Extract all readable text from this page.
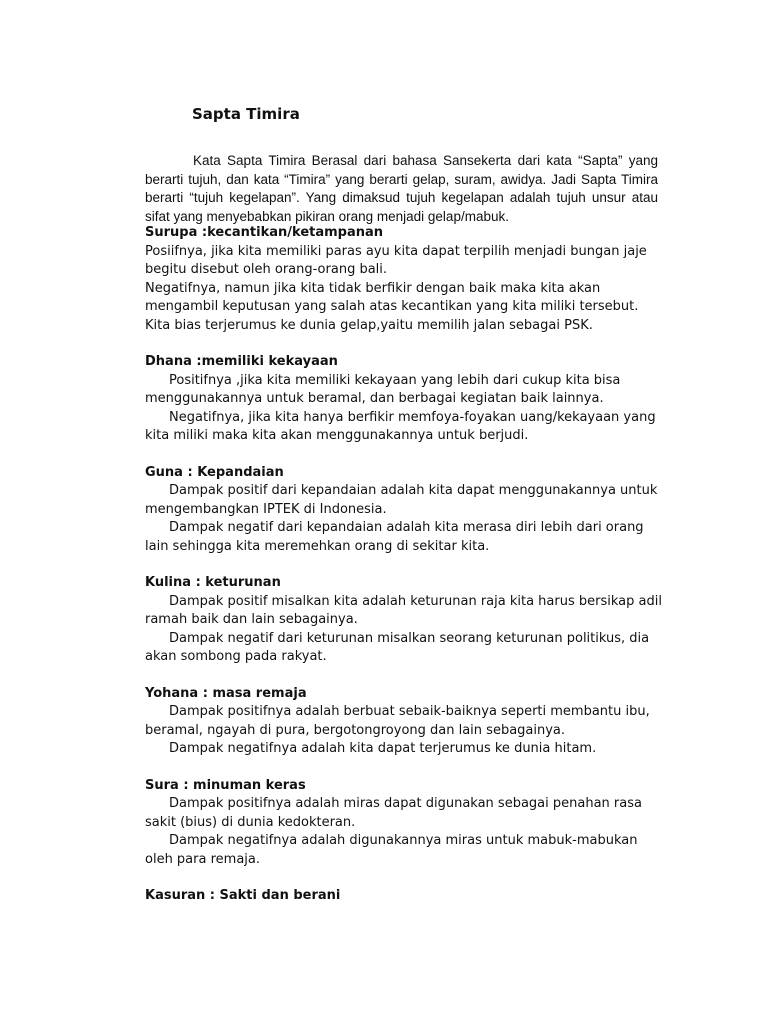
Sapta Timira

Kata Sapta Timira Berasal dari bahasa Sansekerta dari kata “Sapta” yang berarti tujuh, dan kata “Timira” yang berarti gelap, suram, awidya. Jadi Sapta Timira berarti “tujuh kegelapan”. Yang dimaksud tujuh kegelapan adalah tujuh unsur atau sifat yang menyebabkan pikiran orang menjadi gelap/mabuk.

Surupa :kecantikan/ketampanan

Posiifnya, jika kita memiliki paras ayu kita dapat terpilih menjadi bungan jaje begitu disebut oleh orang-orang bali.

Negatifnya, namun jika kita tidak berfikir dengan baik maka kita akan mengambil keputusan yang salah atas kecantikan yang kita miliki tersebut. Kita bias terjerumus ke dunia gelap,yaitu memilih jalan sebagai PSK.

Dhana :memiliki kekayaan

Positifnya ,jika kita memiliki kekayaan yang lebih dari cukup kita bisa menggunakannya untuk beramal, dan berbagai kegiatan baik lainnya.

Negatifnya, jika kita hanya berfikir memfoya-foyakan uang/kekayaan yang kita miliki maka kita akan menggunakannya untuk berjudi.

Guna : Kepandaian

Dampak positif dari kepandaian adalah kita dapat menggunakannya untuk mengembangkan IPTEK di Indonesia.

Dampak negatif dari kepandaian adalah kita merasa diri lebih dari orang lain sehingga kita meremehkan orang di sekitar kita.

Kulina : keturunan

Dampak positif misalkan kita adalah keturunan raja kita harus bersikap adil ramah baik dan lain sebagainya.

Dampak negatif dari keturunan misalkan seorang keturunan politikus, dia akan sombong pada rakyat.

Yohana : masa remaja

Dampak positifnya adalah berbuat sebaik-baiknya seperti membantu ibu, beramal, ngayah di pura, bergotongroyong dan lain sebagainya.

Dampak negatifnya adalah kita dapat terjerumus ke dunia hitam.

Sura : minuman keras

Dampak positifnya adalah miras dapat digunakan sebagai penahan rasa sakit (bius) di dunia kedokteran.

Dampak negatifnya adalah digunakannya miras untuk mabuk-mabukan oleh para remaja.

Kasuran : Sakti dan berani
